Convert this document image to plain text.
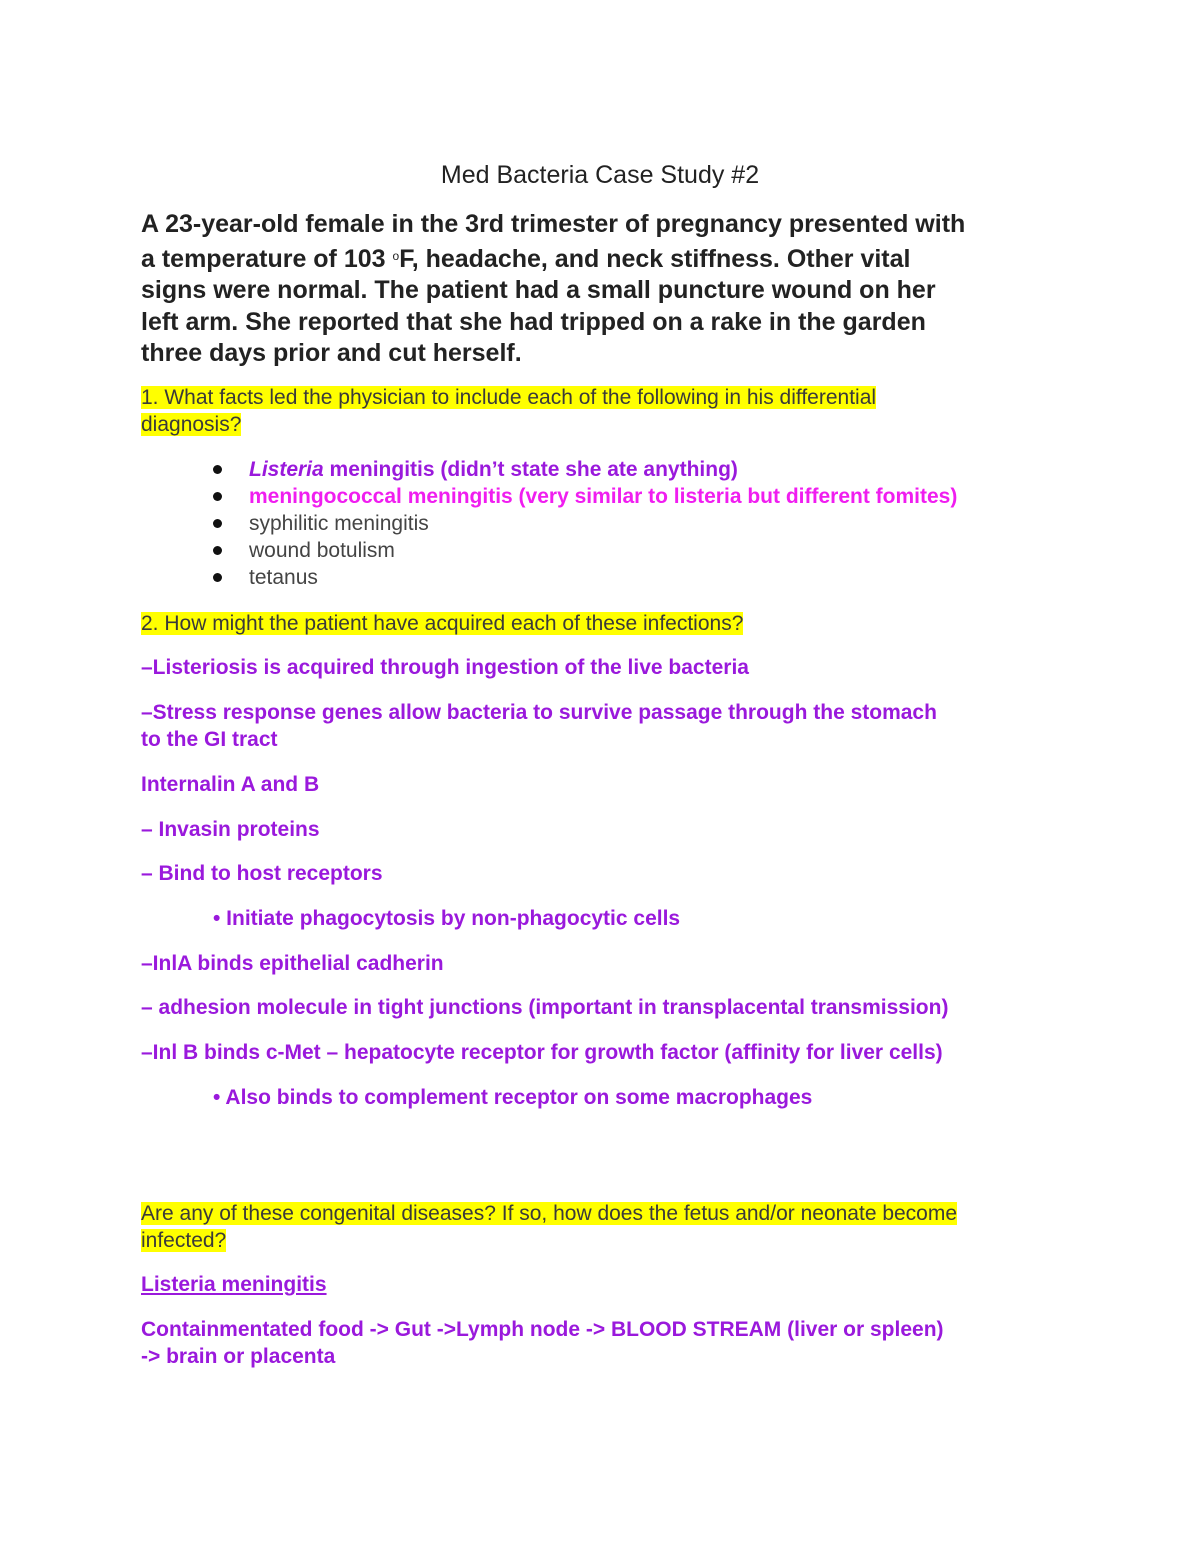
Med Bacteria Case Study #2

A 23-year-old female in the 3rd trimester of pregnancy presented with

a temperature of 103 $^o$F, headache, and neck stiffness. Other vital

signs were normal. The patient had a small puncture wound on her

left arm. She reported that she had tripped on a rake in the garden

three days prior and cut herself.

1. What facts led the physician to include each of the following in his differential

diagnosis?

Listeria meningitis (didn’t state she ate anything)
meningococcal meningitis (very similar to listeria but different fomites)
syphilitic meningitis
wound botulism
tetanus

2. How might the patient have acquired each of these infections?

–Listeriosis is acquired through ingestion of the live bacteria
–Stress response genes allow bacteria to survive passage through the stomach
to the GI tract
Internalin A and B
– Invasin proteins
– Bind to host receptors
• Initiate phagocytosis by non-phagocytic cells
–InlA binds epithelial cadherin
– adhesion molecule in tight junctions (important in transplacental transmission)
–Inl B binds c-Met – hepatocyte receptor for growth factor (affinity for liver cells)
• Also binds to complement receptor on some macrophages

Are any of these congenital diseases? If so, how does the fetus and/or neonate become

infected?

Listeria meningitis
Containmentated food -> Gut ->Lymph node -> BLOOD STREAM (liver or spleen)
-> brain or placenta
